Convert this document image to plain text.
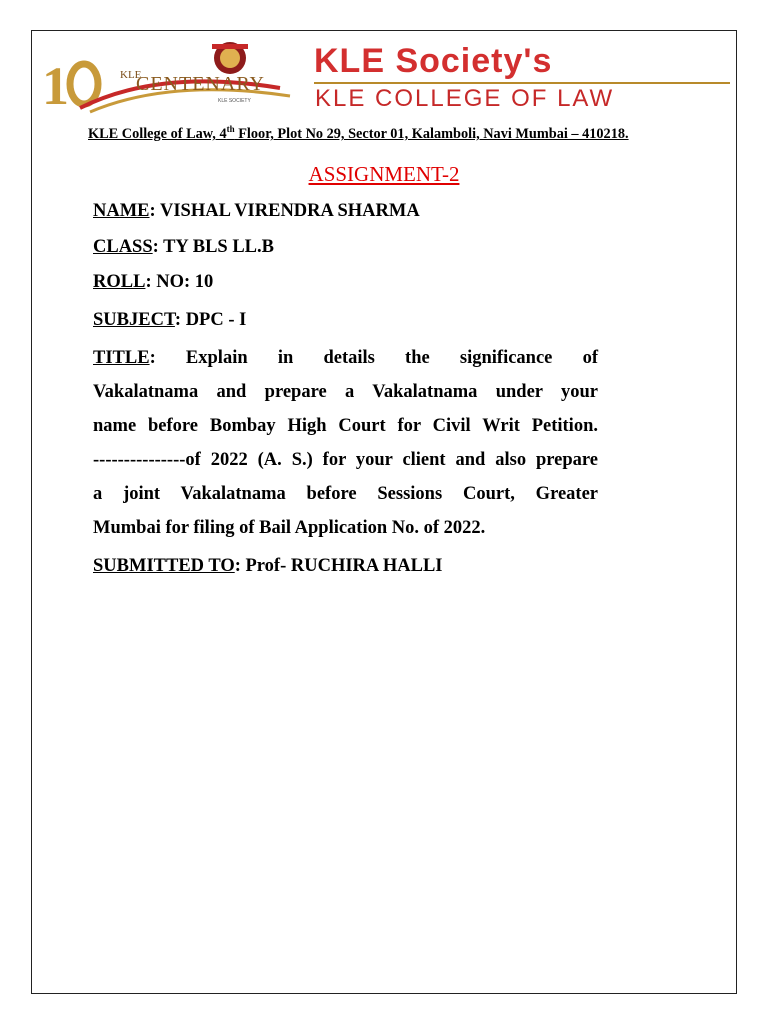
1	KLE
CENTENARY
KLE SOCIETY
KLE Society's
KLE COLLEGE OF LAW
KLE College of Law, 4th Floor, Plot No 29, Sector 01, Kalamboli, Navi Mumbai – 410218.
ASSIGNMENT-2
NAME: VISHAL VIRENDRA SHARMA
CLASS: TY BLS LL.B
ROLL: NO: 10
SUBJECT: DPC - I
TITLE: Explain in details the significance of
Vakalatnama and prepare a Vakalatnama under your
name before Bombay High Court for Civil Writ Petition.
---------------of 2022 (A. S.) for your client and also prepare
a joint Vakalatnama before Sessions Court, Greater
Mumbai for filing of Bail Application No. of 2022.
SUBMITTED TO: Prof- RUCHIRA HALLI
